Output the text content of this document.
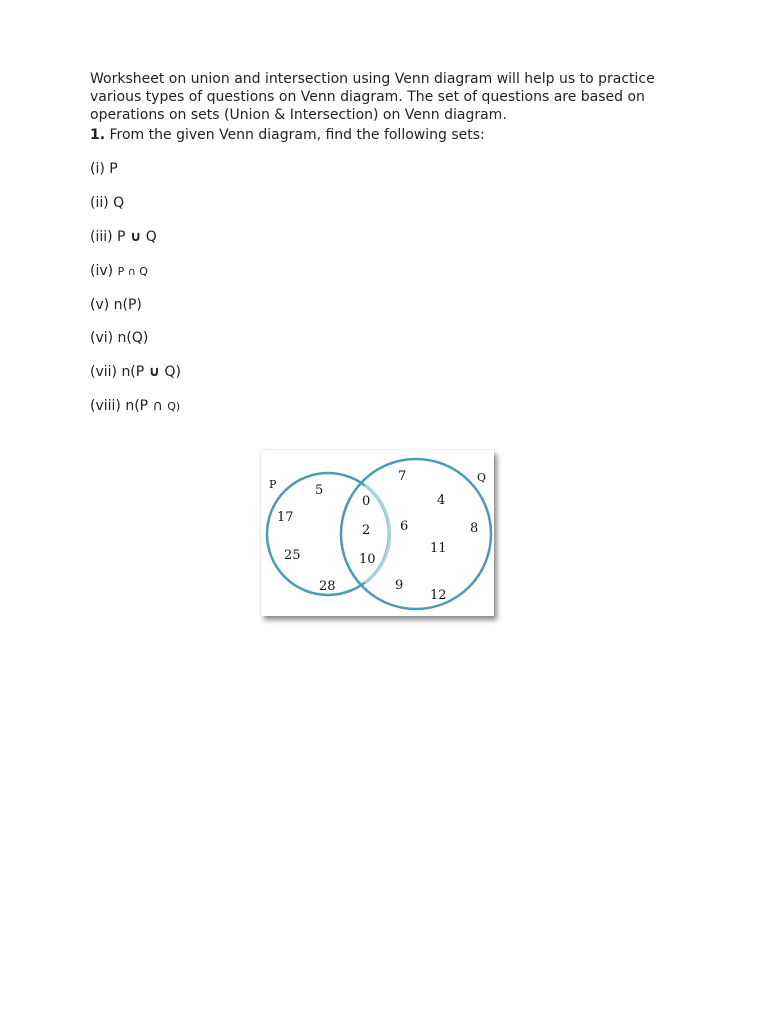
Worksheet on union and intersection using Venn diagram will help us to practice various types of questions on Venn diagram. The set of questions are based on operations on sets (Union & Intersection) on Venn diagram.

1. From the given Venn diagram, find the following sets:
(i) P
(ii) Q
(iii) P ∪ Q
(iv) P ∩ Q
(v) n(P)
(vi) n(Q)
(vii) n(P ∪ Q)
(viii) n(P ∩ Q)
P
Q
5
17
25
28
0
2
10
7
4
6	8
11
9
12
